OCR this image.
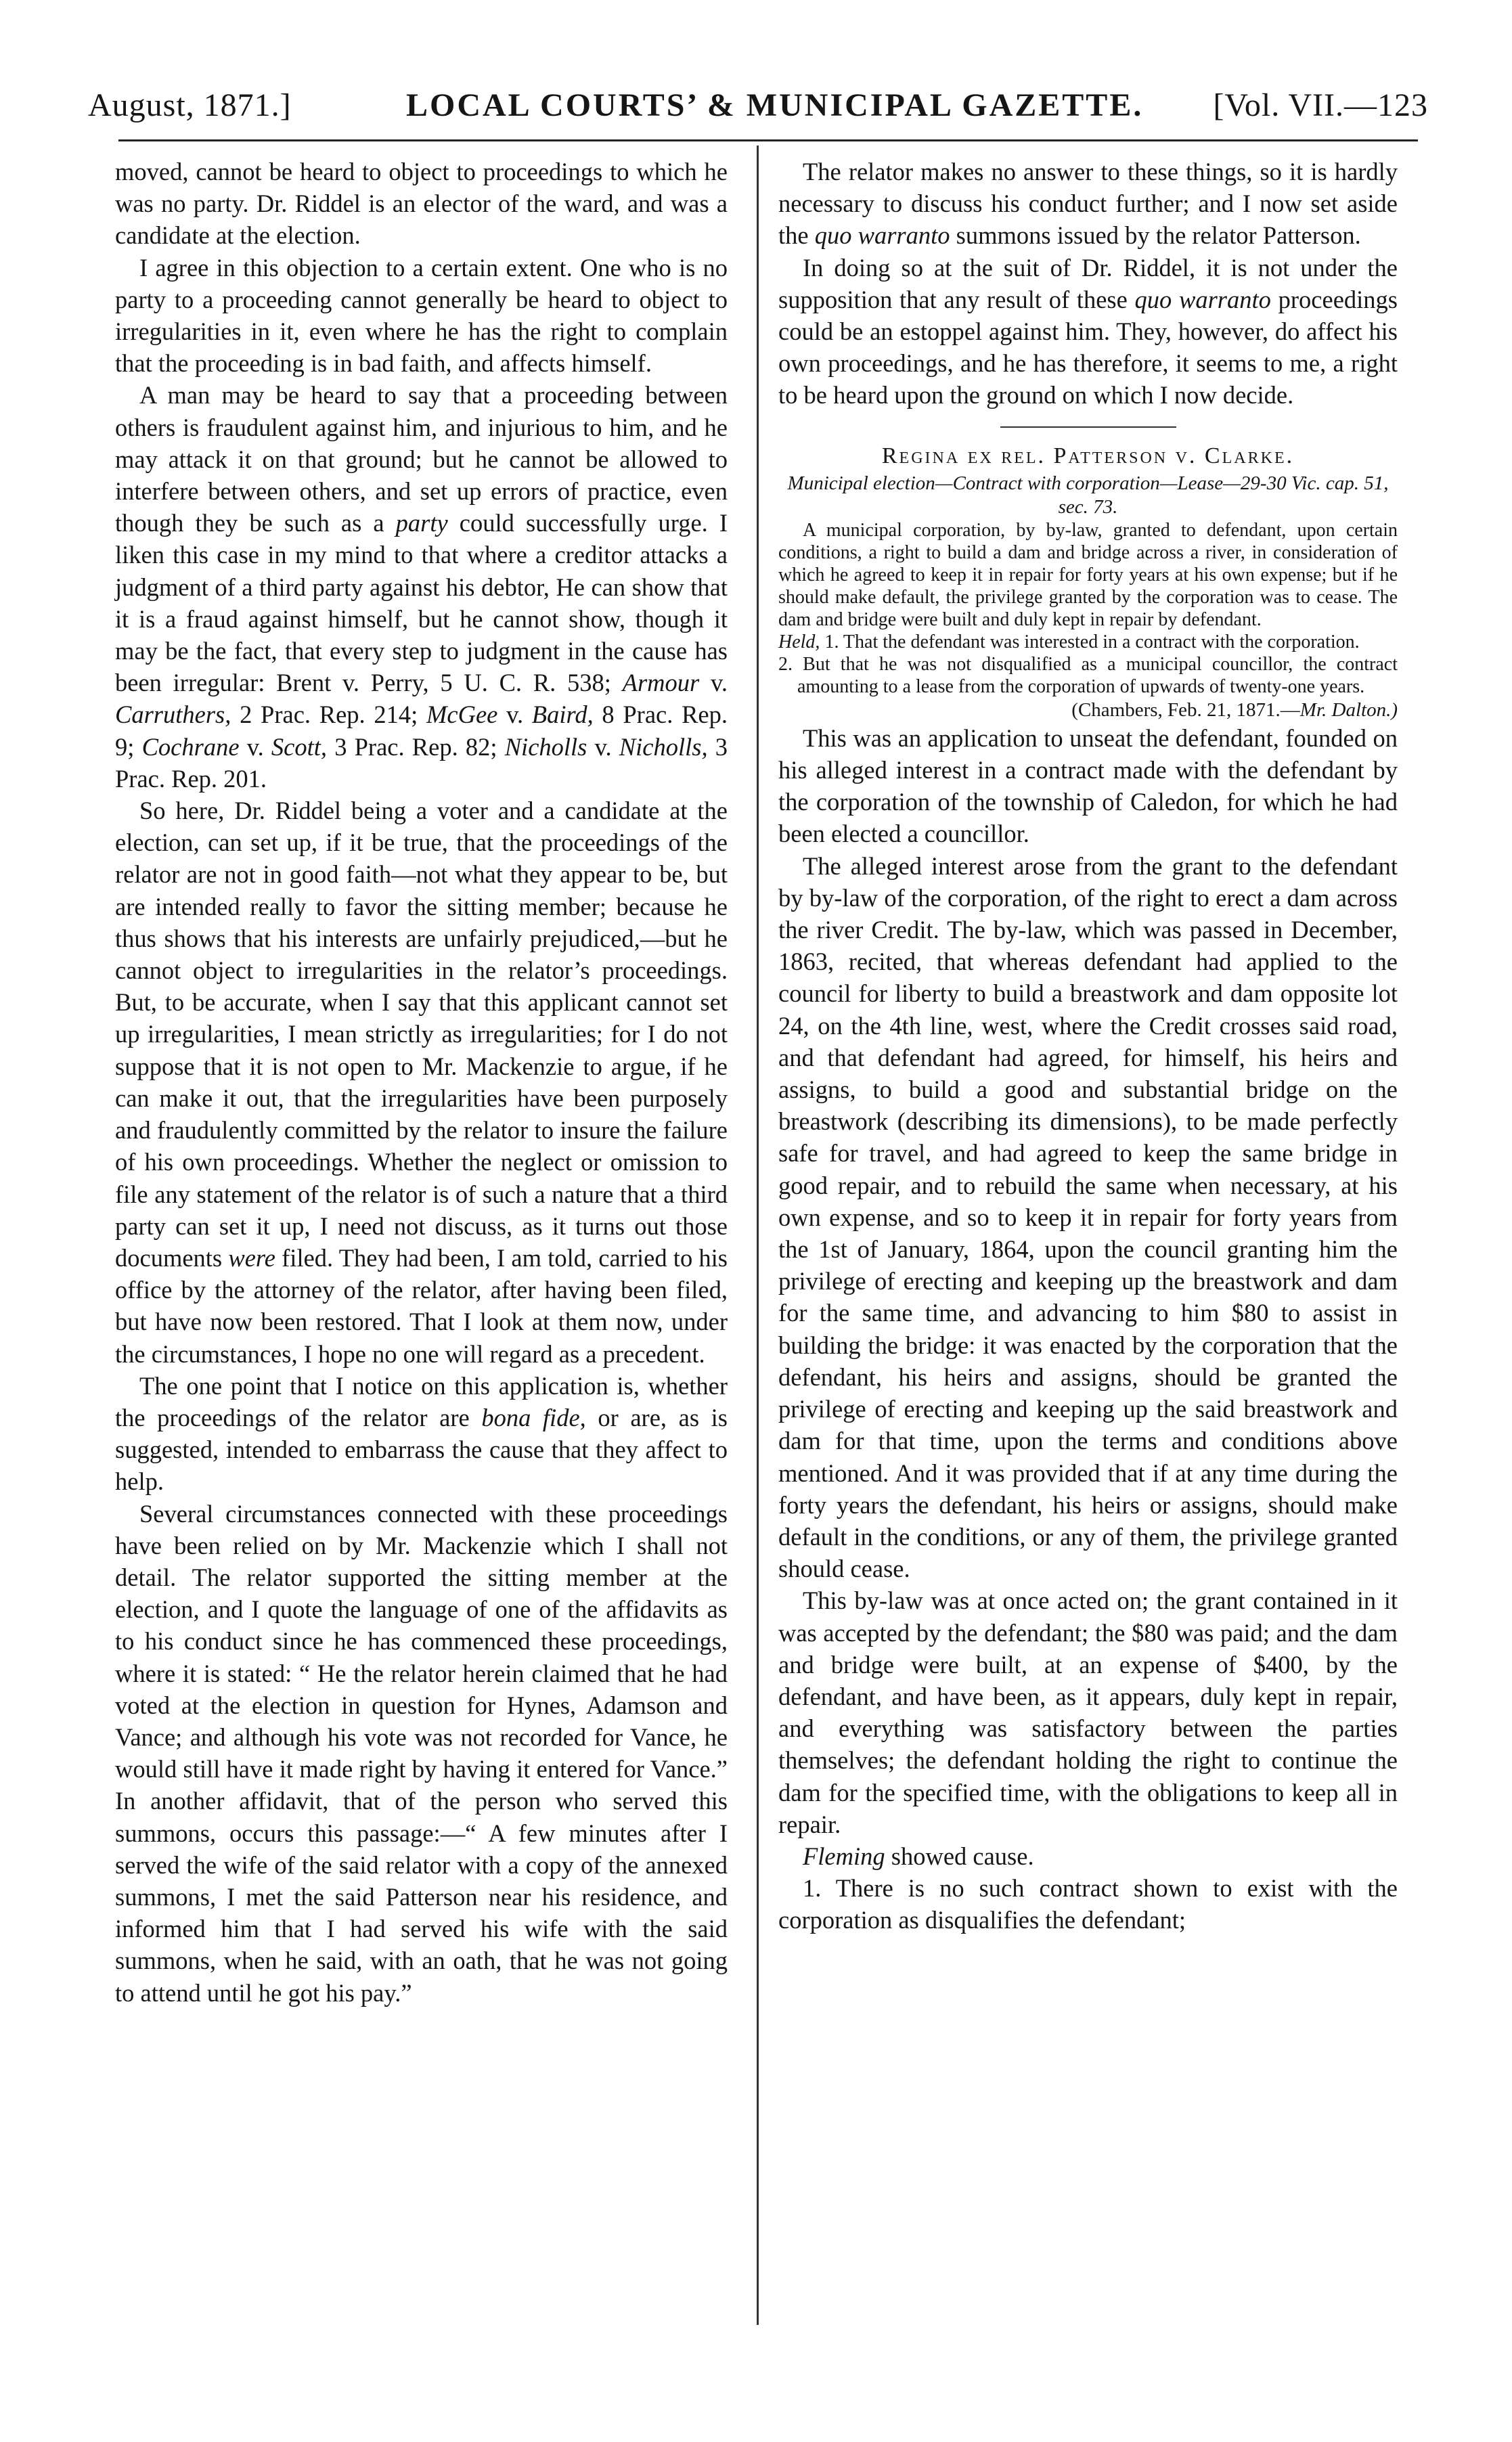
August, 1871.]	LOCAL COURTS’ & MUNICIPAL GAZETTE. [Vol. VII.—123

moved, cannot be heard to object to proceedings to which he was no party. Dr. Riddel is an elector of the ward, and was a candidate at the election.

I agree in this objection to a certain extent. One who is no party to a proceeding cannot generally be heard to object to irregularities in it, even where he has the right to complain that the proceeding is in bad faith, and affects himself.

A man may be heard to say that a proceeding between others is fraudulent against him, and injurious to him, and he may attack it on that ground; but he cannot be allowed to interfere between others, and set up errors of practice, even though they be such as a party could successfully urge. I liken this case in my mind to that where a creditor attacks a judgment of a third party against his debtor, He can show that it is a fraud against himself, but he cannot show, though it may be the fact, that every step to judgment in the cause has been irregular: Brent v. Perry, 5 U. C. R. 538; Armour v. Carruthers, 2 Prac. Rep. 214; McGee v. Baird, 8 Prac. Rep. 9; Cochrane v. Scott, 3 Prac. Rep. 82; Nicholls v. Nicholls, 3 Prac. Rep. 201.

So here, Dr. Riddel being a voter and a candidate at the election, can set up, if it be true, that the proceedings of the relator are not in good faith—not what they appear to be, but are intended really to favor the sitting member; because he thus shows that his interests are unfairly prejudiced,—but he cannot object to irregularities in the relator’s proceedings. But, to be accurate, when I say that this applicant cannot set up irregularities, I mean strictly as irregularities; for I do not suppose that it is not open to Mr. Mackenzie to argue, if he can make it out, that the irregularities have been purposely and fraudulently committed by the relator to insure the failure of his own proceedings. Whether the neglect or omission to file any statement of the relator is of such a nature that a third party can set it up, I need not discuss, as it turns out those documents were filed. They had been, I am told, carried to his office by the attorney of the relator, after having been filed, but have now been restored. That I look at them now, under the circumstances, I hope no one will regard as a precedent.

The one point that I notice on this application is, whether the proceedings of the relator are bona fide, or are, as is suggested, intended to embarrass the cause that they affect to help.

Several circumstances connected with these proceedings have been relied on by Mr. Mackenzie which I shall not detail. The relator supported the sitting member at the election, and I quote the language of one of the affidavits as to his conduct since he has commenced these proceedings, where it is stated: “ He the relator herein claimed that he had voted at the election in question for Hynes, Adamson and Vance; and although his vote was not recorded for Vance, he would still have it made right by having it entered for Vance.” In another affidavit, that of the person who served this summons, occurs this passage:—“ A few minutes after I served the wife of the said relator with a copy of the annexed summons, I met the said Patterson near his residence, and informed him that I had served his wife with the said summons, when he said, with an oath, that he was not going to attend until he got his pay.”

The relator makes no answer to these things, so it is hardly necessary to discuss his conduct further; and I now set aside the quo warranto summons issued by the relator Patterson.

In doing so at the suit of Dr. Riddel, it is not under the supposition that any result of these quo warranto proceedings could be an estoppel against him. They, however, do affect his own proceedings, and he has therefore, it seems to me, a right to be heard upon the ground on which I now decide.

Regina ex rel. Patterson v. Clarke.

Municipal election—Contract with corporation—Lease—29-30 Vic. cap. 51, sec. 73.

A municipal corporation, by by-law, granted to defendant, upon certain conditions, a right to build a dam and bridge across a river, in consideration of which he agreed to keep it in repair for forty years at his own expense; but if he should make default, the privilege granted by the corporation was to cease. The dam and bridge were built and duly kept in repair by defendant.

Held, 1. That the defendant was interested in a contract with the corporation.

2. But that he was not disqualified as a municipal councillor, the contract amounting to a lease from the corporation of upwards of twenty-one years.

(Chambers, Feb. 21, 1871.—Mr. Dalton.)

This was an application to unseat the defendant, founded on his alleged interest in a contract made with the defendant by the corporation of the township of Caledon, for which he had been elected a councillor.

The alleged interest arose from the grant to the defendant by by-law of the corporation, of the right to erect a dam across the river Credit. The by-law, which was passed in December, 1863, recited, that whereas defendant had applied to the council for liberty to build a breastwork and dam opposite lot 24, on the 4th line, west, where the Credit crosses said road, and that defendant had agreed, for himself, his heirs and assigns, to build a good and substantial bridge on the breastwork (describing its dimensions), to be made perfectly safe for travel, and had agreed to keep the same bridge in good repair, and to rebuild the same when necessary, at his own expense, and so to keep it in repair for forty years from the 1st of January, 1864, upon the council granting him the privilege of erecting and keeping up the breastwork and dam for the same time, and advancing to him $80 to assist in building the bridge: it was enacted by the corporation that the defendant, his heirs and assigns, should be granted the privilege of erecting and keeping up the said breastwork and dam for that time, upon the terms and conditions above mentioned. And it was provided that if at any time during the forty years the defendant, his heirs or assigns, should make default in the conditions, or any of them, the privilege granted should cease.

This by-law was at once acted on; the grant contained in it was accepted by the defendant; the $80 was paid; and the dam and bridge were built, at an expense of $400, by the defendant, and have been, as it appears, duly kept in repair, and everything was satisfactory between the parties themselves; the defendant holding the right to continue the dam for the specified time, with the obligations to keep all in repair.

Fleming showed cause.

1. There is no such contract shown to exist with the corporation as disqualifies the defendant;
